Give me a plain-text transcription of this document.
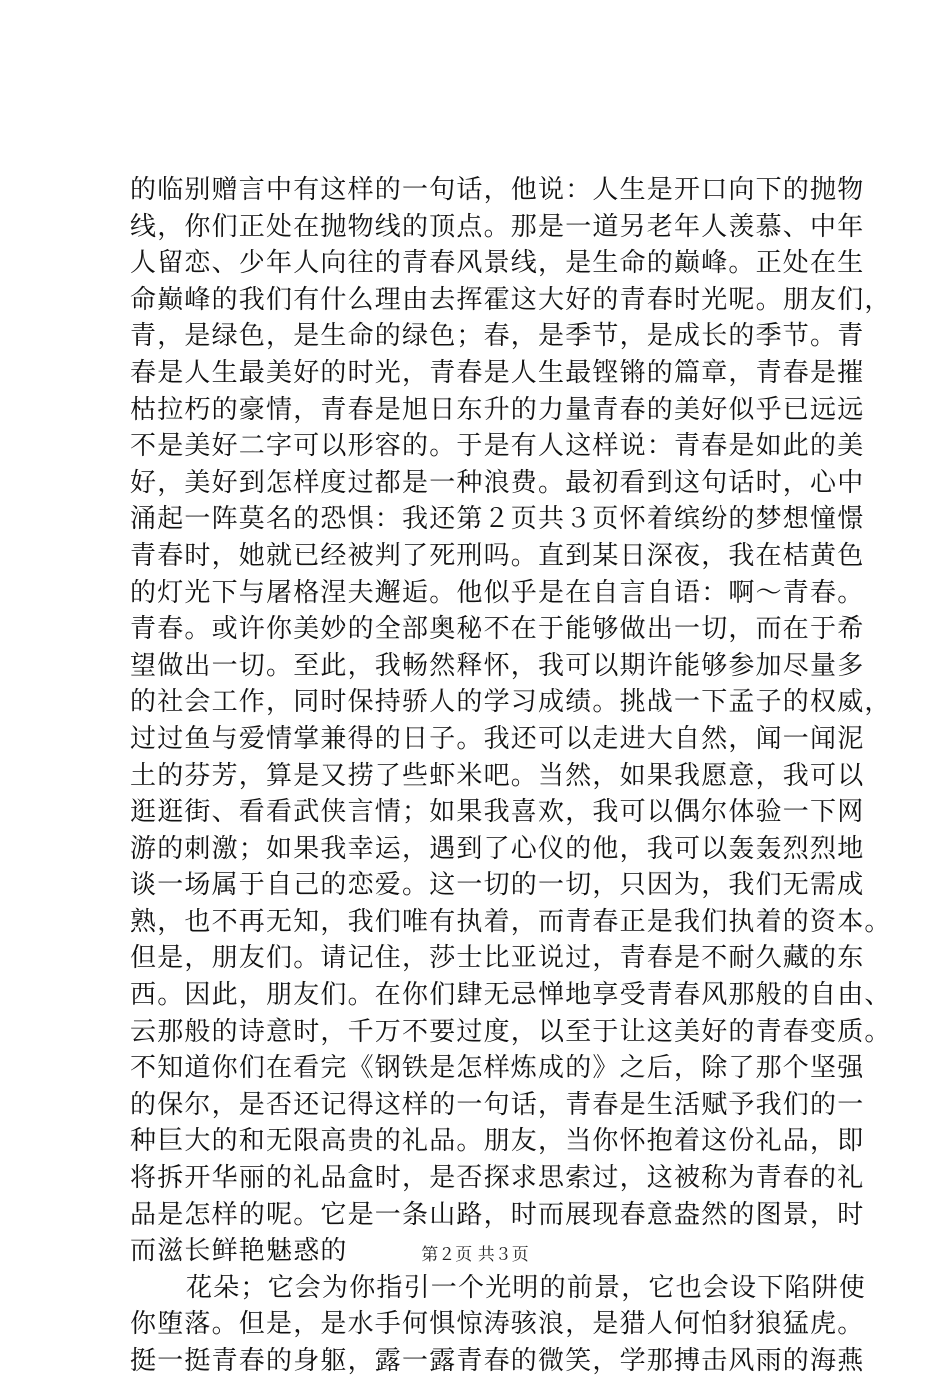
的临别赠言中有这样的一句话，他说：人生是开口向下的抛物
线，你们正处在抛物线的顶点。那是一道另老年人羡慕、中年
人留恋、少年人向往的青春风景线，是生命的巅峰。正处在生
命巅峰的我们有什么理由去挥霍这大好的青春时光呢。朋友们，
青，是绿色，是生命的绿色；春，是季节，是成长的季节。青
春是人生最美好的时光，青春是人生最铿锵的篇章，青春是摧
枯拉朽的豪情，青春是旭日东升的力量青春的美好似乎已远远
不是美好二字可以形容的。于是有人这样说：青春是如此的美
好，美好到怎样度过都是一种浪费。最初看到这句话时，心中
涌起一阵莫名的恐惧：我还第２页共３页怀着缤纷的梦想憧憬
青春时，她就已经被判了死刑吗。直到某日深夜，我在桔黄色
的灯光下与屠格涅夫邂逅。他似乎是在自言自语：啊～青春。
青春。或许你美妙的全部奥秘不在于能够做出一切，而在于希
望做出一切。至此，我畅然释怀，我可以期许能够参加尽量多
的社会工作，同时保持骄人的学习成绩。挑战一下孟子的权威，
过过鱼与爱情掌兼得的日子。我还可以走进大自然，闻一闻泥
土的芬芳，算是又捞了些虾米吧。当然，如果我愿意，我可以
逛逛街、看看武侠言情；如果我喜欢，我可以偶尔体验一下网
游的刺激；如果我幸运，遇到了心仪的他，我可以轰轰烈烈地
谈一场属于自己的恋爱。这一切的一切，只因为，我们无需成
熟，也不再无知，我们唯有执着，而青春正是我们执着的资本。
但是，朋友们。请记住，莎士比亚说过，青春是不耐久藏的东
西。因此，朋友们。在你们肆无忌惮地享受青春风那般的自由、
云那般的诗意时，千万不要过度，以至于让这美好的青春变质。
不知道你们在看完《钢铁是怎样炼成的》之后，除了那个坚强
的保尔，是否还记得这样的一句话，青春是生活赋予我们的一
种巨大的和无限高贵的礼品。朋友，当你怀抱着这份礼品，即
将拆开华丽的礼品盒时，是否探求思索过，这被称为青春的礼
品是怎样的呢。它是一条山路，时而展现春意盎然的图景，时
而滋长鲜艳魅惑的
花朵；它会为你指引一个光明的前景，它也会设下陷阱使
你堕落。但是，是水手何惧惊涛骇浪，是猎人何怕豺狼猛虎。
挺一挺青春的身躯，露一露青春的微笑，学那搏击风雨的海燕
第２页 共３页
